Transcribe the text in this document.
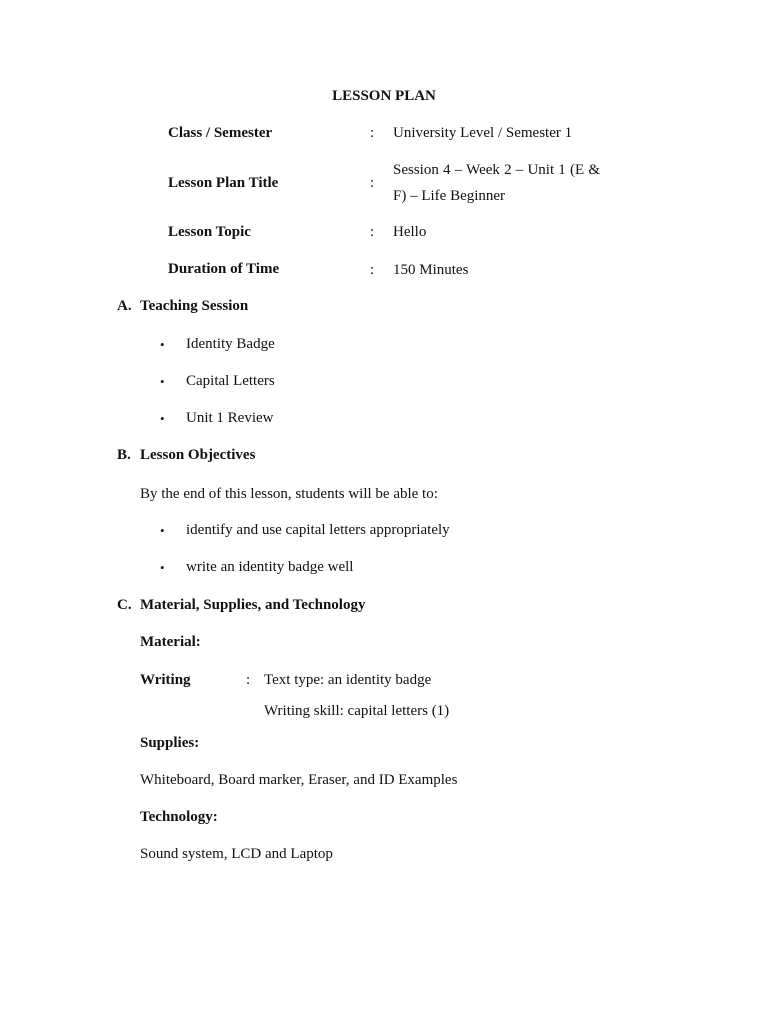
LESSON PLAN
Class / Semester	: University Level / Semester 1
Lesson Plan Title	:
Session 4 – Week 2 – Unit 1 (E & F) – Life Beginner
Lesson Topic	: Hello
Duration of Time	: 150 Minutes
A. Teaching Session
• Identity Badge
• Capital Letters
• Unit 1 Review
B. Lesson Objectives
By the end of this lesson, students will be able to:
• identify and use capital letters appropriately
• write an identity badge well
C. Material, Supplies, and Technology
Material:
Writing	: Text type: an identity badge
Writing skill: capital letters (1)
Supplies:
Whiteboard, Board marker, Eraser, and ID Examples
Technology:
Sound system, LCD and Laptop
